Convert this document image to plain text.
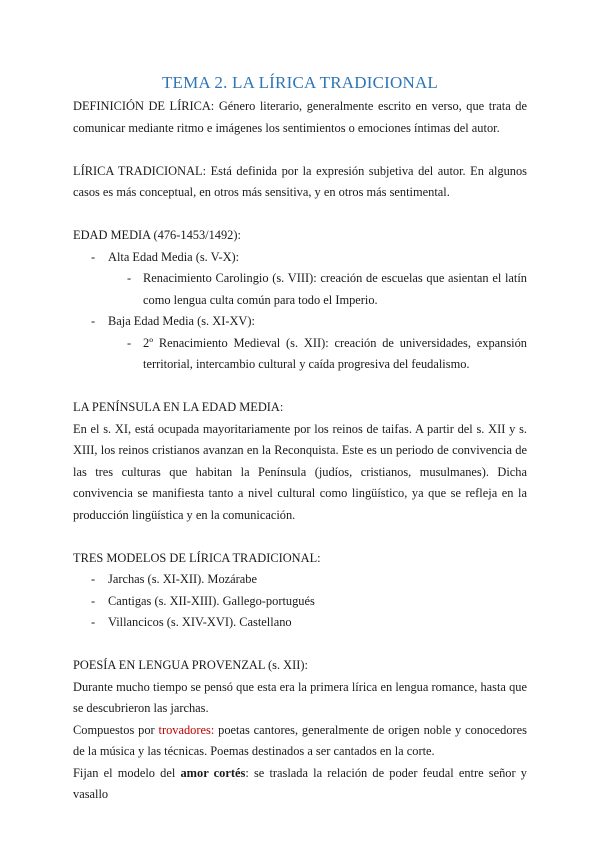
TEMA 2. LA LÍRICA TRADICIONAL

DEFINICIÓN DE LÍRICA: Género literario, generalmente escrito en verso, que trata de comunicar mediante ritmo e imágenes los sentimientos o emociones íntimas del autor.

LÍRICA TRADICIONAL: Está definida por la expresión subjetiva del autor. En algunos casos es más conceptual, en otros más sensitiva, y en otros más sentimental.

EDAD MEDIA (476-1453/1492):

- Alta Edad Media (s. V-X):
- Renacimiento Carolingio (s. VIII): creación de escuelas que asientan el latín como lengua culta común para todo el Imperio.
- Baja Edad Media (s. XI-XV):
- 2º Renacimiento Medieval (s. XII): creación de universidades, expansión territorial, intercambio cultural y caída progresiva del feudalismo.

LA PENÍNSULA EN LA EDAD MEDIA:

En el s. XI, está ocupada mayoritariamente por los reinos de taifas. A partir del s. XII y s. XIII, los reinos cristianos avanzan en la Reconquista. Este es un periodo de convivencia de las tres culturas que habitan la Península (judíos, cristianos, musulmanes). Dicha convivencia se manifiesta tanto a nivel cultural como lingüístico, ya que se refleja en la producción lingüística y en la comunicación.

TRES MODELOS DE LÍRICA TRADICIONAL:

- Jarchas (s. XI-XII). Mozárabe
- Cantigas (s. XII-XIII). Gallego-portugués
- Villancicos (s. XIV-XVI). Castellano

POESÍA EN LENGUA PROVENZAL (s. XII):

Durante mucho tiempo se pensó que esta era la primera lírica en lengua romance, hasta que se descubrieron las jarchas.

Compuestos por trovadores: poetas cantores, generalmente de origen noble y conocedores de la música y las técnicas. Poemas destinados a ser cantados en la corte.

Fijan el modelo del amor cortés: se traslada la relación de poder feudal entre señor y vasallo
